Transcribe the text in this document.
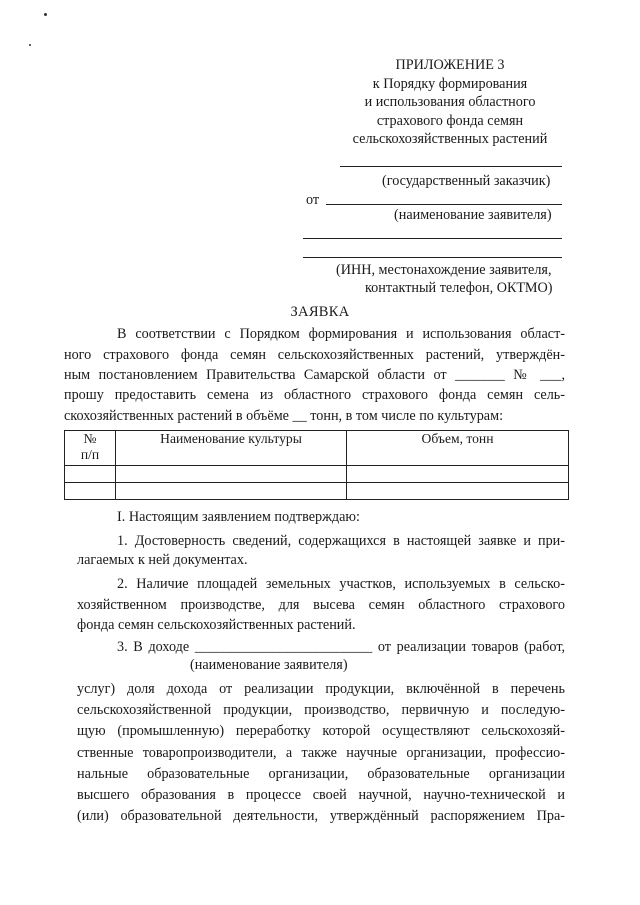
ПРИЛОЖЕНИЕ 3
к Порядку формирования
и использования областного
страхового фонда семян
сельскохозяйственных растений
(государственный заказчик)
от
(наименование заявителя)
(ИНН, местонахождение заявителя,
контактный телефон, ОКТМО)
ЗАЯВКА
В соответствии с Порядком формирования и использования област-
ного страхового фонда семян сельскохозяйственных растений, утверждён-
ным постановлением Правительства Самарской области от _______ № ___,
прошу предоставить семена из областного страхового фонда семян сель-
скохозяйственных растений в объёме __ тонн, в том числе по культурам:
№
п/п	Наименование культуры	Объем, тонн

I. Настоящим заявлением подтверждаю:
1. Достоверность сведений, содержащихся в настоящей заявке и при-
лагаемых к ней документах.
2. Наличие площадей земельных участков, используемых в сельско-
хозяйственном производстве, для высева семян областного страхового
фонда семян сельскохозяйственных растений.
3. В доходе _________________________ от реализации товаров (работ,
(наименование заявителя)
услуг) доля дохода от реализации продукции, включённой в перечень
сельскохозяйственной продукции, производство, первичную и последую-
щую (промышленную) переработку которой осуществляют сельскохозяй-
ственные товаропроизводители, а также научные организации, профессио-
нальные образовательные организации, образовательные организации
высшего образования в процессе своей научной, научно-технической и
(или) образовательной деятельности, утверждённый распоряжением Пра-
